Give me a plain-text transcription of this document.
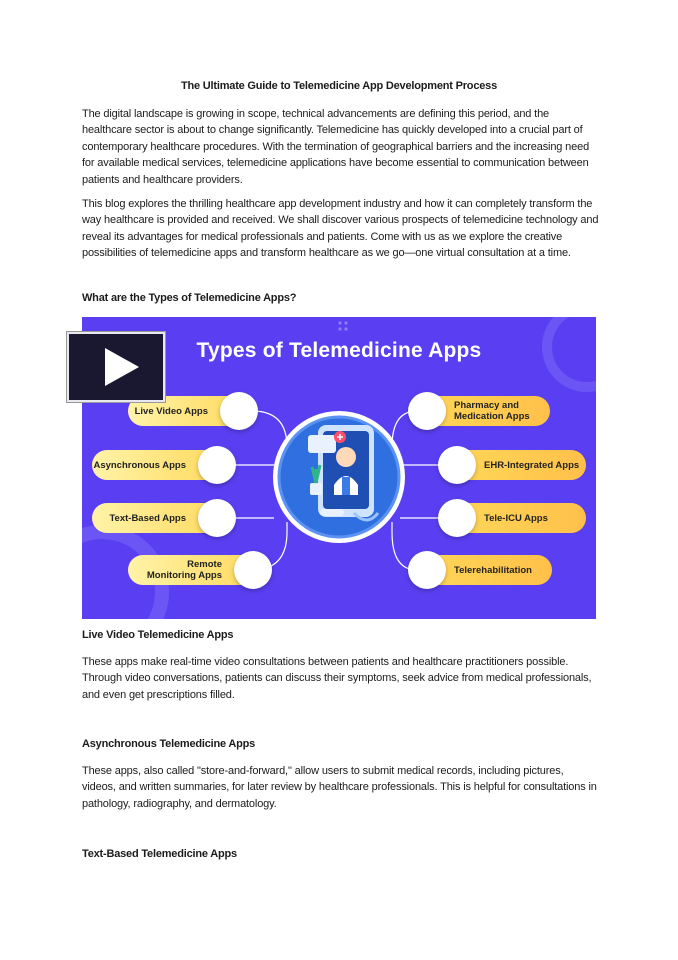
The Ultimate Guide to Telemedicine App Development Process

The digital landscape is growing in scope, technical advancements are defining this period, and the healthcare sector is about to change significantly. Telemedicine has quickly developed into a crucial part of contemporary healthcare procedures. With the termination of geographical barriers and the increasing need for available medical services, telemedicine applications have become essential to communication between patients and healthcare providers.

This blog explores the thrilling healthcare app development industry and how it can completely transform the way healthcare is provided and received. We shall discover various prospects of telemedicine technology and reveal its advantages for medical professionals and patients. Come with us as we explore the creative possibilities of telemedicine apps and transform healthcare as we go—one virtual consultation at a time.

What are the Types of Telemedicine Apps?
Types of Telemedicine Apps
Live Video Apps
Asynchronous Apps
Text-Based Apps
Remote Monitoring Apps
Pharmacy and Medication Apps
EHR-Integrated Apps
Tele-ICU Apps
Telerehabilitation
Live Video Telemedicine Apps

These apps make real-time video consultations between patients and healthcare practitioners possible. Through video conversations, patients can discuss their symptoms, seek advice from medical professionals, and even get prescriptions filled.

Asynchronous Telemedicine Apps

These apps, also called "store-and-forward," allow users to submit medical records, including pictures, videos, and written summaries, for later review by healthcare professionals. This is helpful for consultations in pathology, radiography, and dermatology.

Text-Based Telemedicine Apps
